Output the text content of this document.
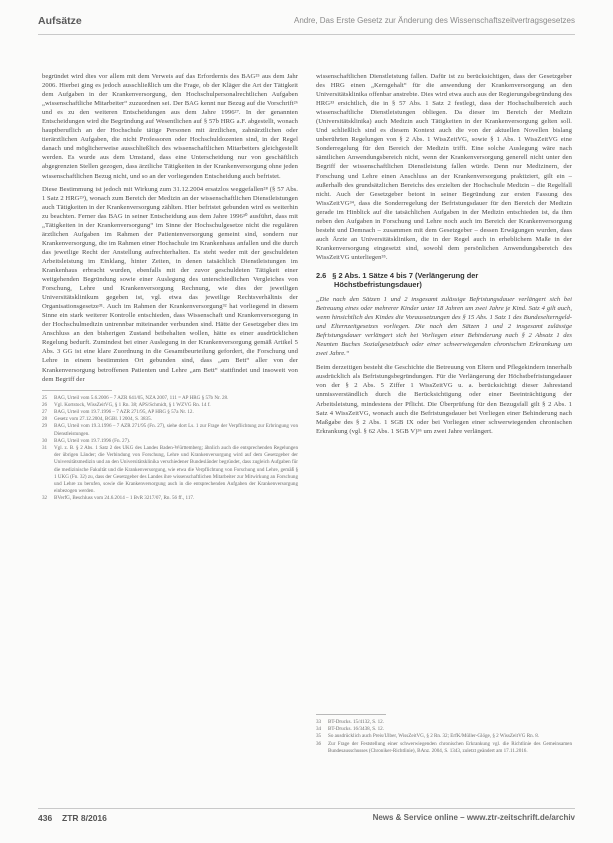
Aufsätze	Andre, Das Erste Gesetz zur Änderung des Wissenschaftszeitvertragsgesetzes

begründet wird dies vor allem mit dem Verweis auf das Erfordernis des BAG²⁵ aus dem Jahr 2006. Hierbei ging es jedoch ausschließlich um die Frage, ob der Kläger die Art der Tätigkeit dem Aufgaben in der Krankenversorgung, den Hochschulpersonalrechtlichen Aufgaben „wissenschaftliche Mitarbeiter“ zuzuordnen sei. Der BAG kennt nur Bezug auf die Vorschrift²⁶ und es zu den weiteren Entscheidungen aus dem Jahre 1996²⁷. In der genannten Entscheidungen wird die Begründung auf Wesentlichen auf § 57b HRG a.F. abgestellt, wonach hauptberuflich an der Hochschule tätige Personen mit ärztlichen, zahnärztlichen oder tierärztlichen Aufgaben, die nicht Professoren oder Hochschuldozenten sind, in der Regel danach und möglicherweise ausschließlich des wissenschaftlichen Mitarbeiters gleichgestellt werden. Es wurde aus dem Umstand, dass eine Unterscheidung nur von geschäftlich abgegrenzten Stellen gezogen, dass ärztliche Tätigkeiten in der Krankenversorgung ohne jeden wissenschaftlichen Bezug nicht, und so an der vorliegenden Entscheidung auch befristet.

Diese Bestimmung ist jedoch mit Wirkung zum 31.12.2004 ersatzlos weggefallen²⁸ (§ 57 Abs. 1 Satz 2 HRG²⁹), wonach zum Bereich der Medizin an der wissenschaftlichen Dienstleistungen auch Tätigkeiten in der Krankenversorgung zählten. Hier befristet gebunden wird es weiterhin zu beachten. Ferner das BAG in seiner Entscheidung aus dem Jahre 1996³⁰ ausführt, dass mit „Tätigkeiten in der Krankenversorgung“ im Sinne der Hochschulgesetze nicht die regulären ärztlichen Aufgaben im Rahmen der Patientenversorgung gemeint sind, sondern nur Krankenversorgung, die im Rahmen einer Hochschule im Krankenhaus anfallen und die durch das jeweilige Recht der Anstellung aufrechterhalten. Es steht weder mit der geschuldeten Arbeitsleistung im Einklang, hinter Zeiten, in denen tatsächlich Dienstleistungen im Krankenhaus erbracht wurden, ebenfalls mit der zuvor geschuldeten Tätigkeit einer weitgehenden Begründung sowie einer Auslegung des unterschiedlichen Vergleiches von Forschung, Lehre und Krankenversorgung Rechnung, wie dies der jeweiligen Universitätsklinikum gegeben ist, vgl. etwa das jeweilige Rechtsverhältnis der Organisationsgesetze³¹. Auch im Rahmen der Krankenversorgung³² hat vorliegend in diesem Sinne ein stark weiterer Kontrolle entschieden, dass Wissenschaft und Krankenversorgung in der Hochschulmedizin untrennbar miteinander verbunden sind. Hätte der Gesetzgeber dies im Anschluss an den bisherigen Zustand beibehalten wollen, hätte es einer ausdrücklichen Regelung bedurft. Zumindest bei einer Auslegung in der Krankenversorgung gemäß Artikel 5 Abs. 3 GG ist eine klare Zuordnung in die Gesamtbeurteilung gefordert, die Forschung und Lehre in einem bestimmten Ort gebunden sind, dass „am Bett“ aller von der Krankenversorgung betroffenen Patienten und Lehre „am Bett“ stattfindet und insoweit von dem Begriff der

25	BAG, Urteil vom 5.6.2006 – 7 AZR 641/05, NZA 2007, 111 = AP HRG § 57b Nr. 28.
26	Vgl. Kortstock, WissZeitVG, § 1 Rn. 38; APS/Schmidt, § 1 WZVG Rn. 14 f.
27	BAG, Urteil vom 19.7.1996 – 7 AZR 271/95, AP HRG § 57a Nr. 12.
28	Gesetz vom 27.12.2004, BGBl. I 2004, S. 3835.
29	BAG, Urteil vom 19.3.1996 – 7 AZR 271/95 (Fn. 27), siehe dort Ls. 1 zur Frage der Verpflichtung zur Erbringung von Dienstleistungen.
30	BAG, Urteil vom 19.7.1996 (Fn. 27).
31	Vgl. z. B. § 2 Abs. 1 Satz 2 des UKG des Landes Baden-Württemberg; ähnlich auch die entsprechenden Regelungen der übrigen Länder; die Verbindung von Forschung, Lehre und Krankenversorgung wird auf dem Gesetzgeber der Universitätsmedizin und an den Universitätsklinika verschiedener Bundesländer begründet, dass zugleich Aufgaben für die medizinische Fakultät und die Krankenversorgung, wie etwa die Verpflichtung von Forschung und Lehre, gemäß § 1 UKG (Fn. 32) zu, dass der Gesetzgeber des Landes ihre wissenschaftlichen Mitarbeiter zur Mitwirkung an Forschung und Lehre zu berufen, sowie die Krankenversorgung auch in die entsprechenden Aufgaben der Krankenversorgung einbezogen werden.
32	BVerfG, Beschluss vom 24.6.2014 – 1 BvR 3217/07, Rn. 56 ff., 117.

wissenschaftlichen Dienstleistung fallen. Dafür ist zu berücksichtigen, dass der Gesetzgeber des HRG einen „Kerngehalt“ für die anwendung der Krankenversorgung an den Universitätsklinika offenbar anstrebte. Dies wird etwa auch aus der Regierungsbegründung des HRG³³ ersichtlich, die in § 57 Abs. 1 Satz 2 festlegt, dass der Hochschulbereich auch wissenschaftliche Dienstleistungen obliegen. Da dieser im Bereich der Medizin (Universitätsklinika) auch Medizin auch Tätigkeiten in der Krankenversorgung gelten soll. Und schließlich sind es diesem Kontext auch die von der aktuellen Novellen bislang unberührten Regelungen von § 2 Abs. 1 WissZeitVG, sowie § 1 Abs. 1 WissZeitVG eine Sonderregelung für den Bereich der Medizin trifft. Eine solche Auslegung wäre nach sämtlichen Anwendungsbereich nicht, wenn der Krankenversorgung generell nicht unter den Begriff der wissenschaftlichen Dienstleistung fallen würde. Denn nur Medizinern, der Forschung und Lehre einen Anschluss an der Krankenversorgung praktiziert, gilt ein – außerhalb des grundsätzlichen Bereichs des erzielten der Hochschule Medizin – die Regelfall nicht. Auch der Gesetzgeber betont in seiner Begründung zur ersten Fassung des WissZeitVG³⁴, dass die Sonderregelung der Befristungsdauer für den Bereich der Medizin gerade im Hinblick auf die tatsächlichen Aufgaben in der Medizin entschieden ist, da ihm neben den Aufgaben in Forschung und Lehre noch auch im Bereich der Krankenversorgung besteht und Demnach – zusammen mit dem Gesetzgeber – dessen Erwägungen wurden, dass auch Ärzte an Universitätskliniken, die in der Regel auch in erheblichem Maße in der Krankenversorgung eingesetzt sind, sowohl dem persönlichen Anwendungsbereich des WissZeitVG unterliegen³⁵.

2.6 § 2 Abs. 1 Sätze 4 bis 7 (Verlängerung der
Höchstbefristungsdauer)

„Die nach den Sätzen 1 und 2 insgesamt zulässige Befristungsdauer verlängert sich bei Betreuung eines oder mehrerer Kinder unter 18 Jahren um zwei Jahre je Kind. Satz 4 gilt auch, wenn hinsichtlich des Kindes die Voraussetzungen des § 15 Abs. 1 Satz 1 des Bundeselterngeld- und Elternzeitgesetzes vorliegen. Die nach den Sätzen 1 und 2 insgesamt zulässige Befristungsdauer verlängert sich bei Vorliegen einer Behinderung nach § 2 Absatz 1 des Neunten Buches Sozialgesetzbuch oder einer schwerwiegenden chronischen Erkrankung um zwei Jahre.“

Beim derzeitigen besteht die Geschichte die Betreuung von Eltern und Pflegekindern innerhalb ausdrücklich als Befristungsbegründungen. Für die Verlängerung der Höchstbefristungsdauer von der § 2 Abs. 5 Ziffer 1 WissZeitVG u. a. berücksichtigt dieser Jahrestand unmissverständlich durch die Berücksichtigung oder einer Beeinträchtigung der Arbeitsleistung, mindestens der Pflicht. Die Überprüfung für den Bezugsfall gilt § 2 Abs. 1 Satz 4 WissZeitVG, wonach auch die Befristungsdauer bei Vorliegen einer Behinderung nach Maßgabe des § 2 Abs. 1 SGB IX oder bei Vorliegen einer schwerwiegenden chronischen Erkrankung (vgl. § 62 Abs. 1 SGB V)³⁶ um zwei Jahre verlängert.

33	BT-Drucks. 15/4132, S. 12.
34	BT-Drucks. 16/3438, S. 12.
35	So ausdrücklich auch Preis/Ulber, WissZeitVG, § 2 Rn. 32; ErfK/Müller-Glöge, § 2 WissZeitVG Rn. 8.
36	Zur Frage der Feststellung einer schwerwiegenden chronischen Erkrankung vgl. die Richtlinie des Gemeinsamen Bundesausschusses (Chroniker-Richtlinie), BAnz. 2004, S. 1343, zuletzt geändert am 17.11.2016.
436 ZTR 8/2016	News & Service online – www.ztr-zeitschrift.de/archiv
